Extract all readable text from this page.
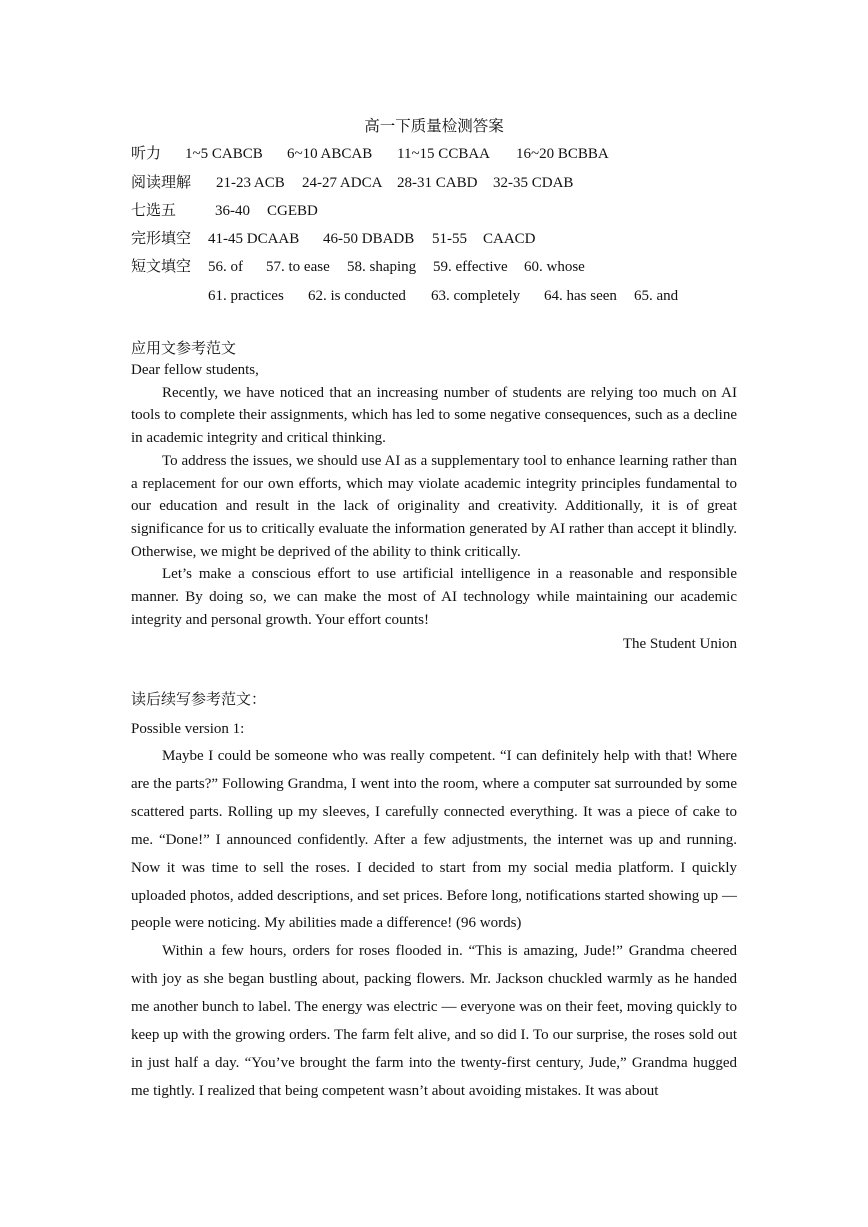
高一下质量检测答案
听力 1~5 CABCB 6~10 ABCAB 11~15 CCBAA 16~20 BCBBA
阅读理解 21-23 ACB 24-27 ADCA 28-31 CABD 32-35 CDAB
七选五	36-40 CGEBD
完形填空 41-45 DCAAB 46-50 DBADB 51-55 CAACD
短文填空 56. of 57. to ease 58. shaping 59. effective 60. whose
61. practices 62. is conducted 63. completely 64. has seen 65. and
应用文参考范文

Dear fellow students,

Recently, we have noticed that an increasing number of students are relying too much on AI tools to complete their assignments, which has led to some negative consequences, such as a decline in academic integrity and critical thinking.

To address the issues, we should use AI as a supplementary tool to enhance learning rather than a replacement for our own efforts, which may violate academic integrity principles fundamental to our education and result in the lack of originality and creativity. Additionally, it is of great significance for us to critically evaluate the information generated by AI rather than accept it blindly. Otherwise, we might be deprived of the ability to think critically.

Let’s make a conscious effort to use artificial intelligence in a reasonable and responsible manner. By doing so, we can make the most of AI technology while maintaining our academic integrity and personal growth. Your effort counts!

The Student Union
读后续写参考范文：
Possible version 1:

Maybe I could be someone who was really competent. “I can definitely help with that! Where are the parts?” Following Grandma, I went into the room, where a computer sat surrounded by some scattered parts. Rolling up my sleeves, I carefully connected everything. It was a piece of cake to me. “Done!” I announced confidently. After a few adjustments, the internet was up and running. Now it was time to sell the roses. I decided to start from my social media platform. I quickly uploaded photos, added descriptions, and set prices. Before long, notifications started showing up — people were noticing. My abilities made a difference! (96 words)

Within a few hours, orders for roses flooded in. “This is amazing, Jude!” Grandma cheered with joy as she began bustling about, packing flowers. Mr. Jackson chuckled warmly as he handed me another bunch to label. The energy was electric — everyone was on their feet, moving quickly to keep up with the growing orders. The farm felt alive, and so did I. To our surprise, the roses sold out in just half a day. “You’ve brought the farm into the twenty-first century, Jude,” Grandma hugged me tightly. I realized that being competent wasn’t about avoiding mistakes. It was about
